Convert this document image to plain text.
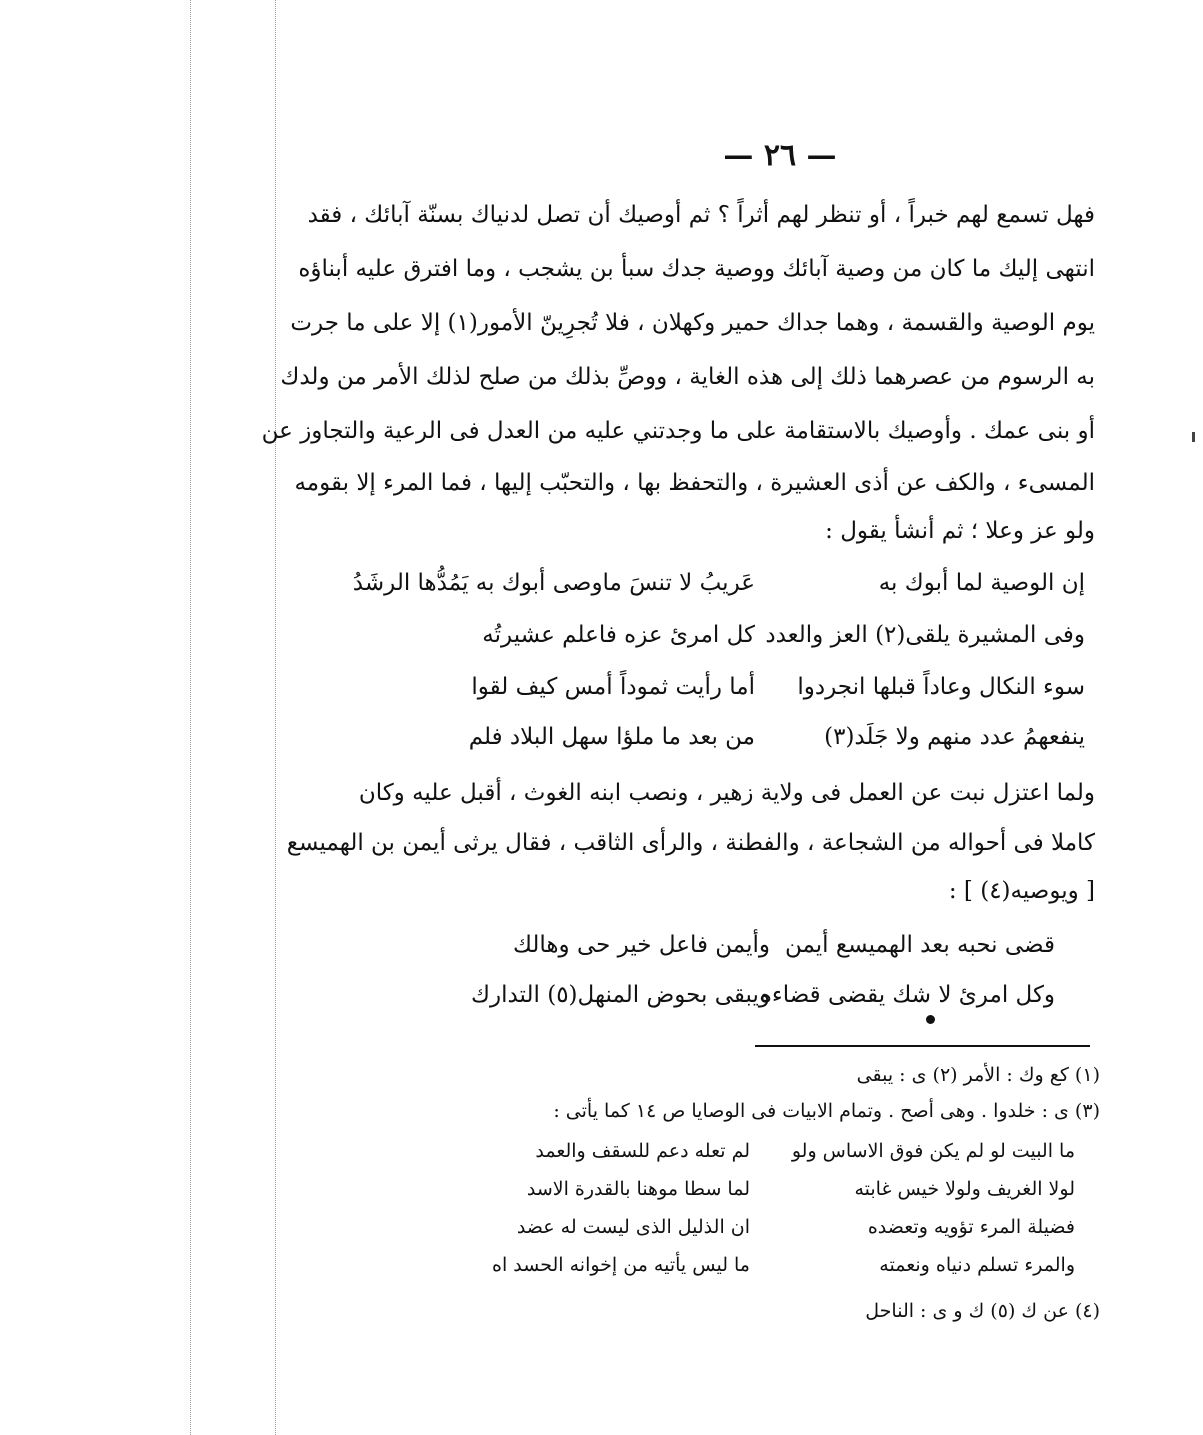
— ٢٦ —
فهل تسمع لهم خبراً ، أو تنظر لهم أثراً ؟ ثم أوصيك أن تصل لدنياك بسنّة آبائك ، فقد
انتهى إليك ما كان من وصية آبائك ووصية جدك سبأ بن يشجب ، وما افترق عليه أبناؤه
يوم الوصية والقسمة ، وهما جداك حمير وكهلان ، فلا تُجرِينّ الأمور(١) إلا على ما جرت
به الرسوم من عصرهما ذلك إلى هذه الغاية ، ووصِّ بذلك من صلح لذلك الأمر من ولدك
أو بنى عمك . وأوصيك بالاستقامة على ما وجدتني عليه من العدل فى الرعية والتجاوز عن
المسىء ، والكف عن أذى العشيرة ، والتحفظ بها ، والتحبّب إليها ، فما المرء إلا بقومه
ولو عز وعلا ؛ ثم أنشأ يقول :
إن الوصية لما أبوك به
عَريبُ لا تنسَ ماوصى أبوك به يَمُدُّها الرشَدُ
وفى المشيرة يلقى(٢) العز والعدد
كل امرئ عزه فاعلم عشيرتُه
سوء النكال وعاداً قبلها انجردوا
أما رأيت ثموداً أمس كيف لقوا
ينفعهمُ عدد منهم ولا جَلَد(٣)
من بعد ما ملؤا سهل البلاد فلم
ولما اعتزل نبت عن العمل فى ولاية زهير ، ونصب ابنه الغوث ، أقبل عليه وكان
كاملا فى أحواله من الشجاعة ، والفطنة ، والرأى الثاقب ، فقال يرثى أيمن بن الهميسع
[ ويوصيه(٤) ] :
قضى نحبه بعد الهميسع أيمن
وأيمن فاعل خير حى وهالك
وكل امرئ لا شك يقضى قضاءه
ويبقى بحوض المنهل(٥) التدارك
(١) كع وك : الأمر (٢) ى : يبقى
(٣) ى : خلدوا . وهى أصح . وتمام الابيات فى الوصايا ص ١٤ كما يأتى :
ما البيت لو لم يكن فوق الاساس ولو
لم تعله دعم للسقف والعمد
لولا الغريف ولولا خيس غابته
لما سطا موهنا بالقدرة الاسد
فضيلة المرء تؤويه وتعضده
ان الذليل الذى ليست له عضد
والمرء تسلم دنياه ونعمته
ما ليس يأتيه من إخوانه الحسد اه
(٤) عن ك (٥) ك و ى : الناحل
